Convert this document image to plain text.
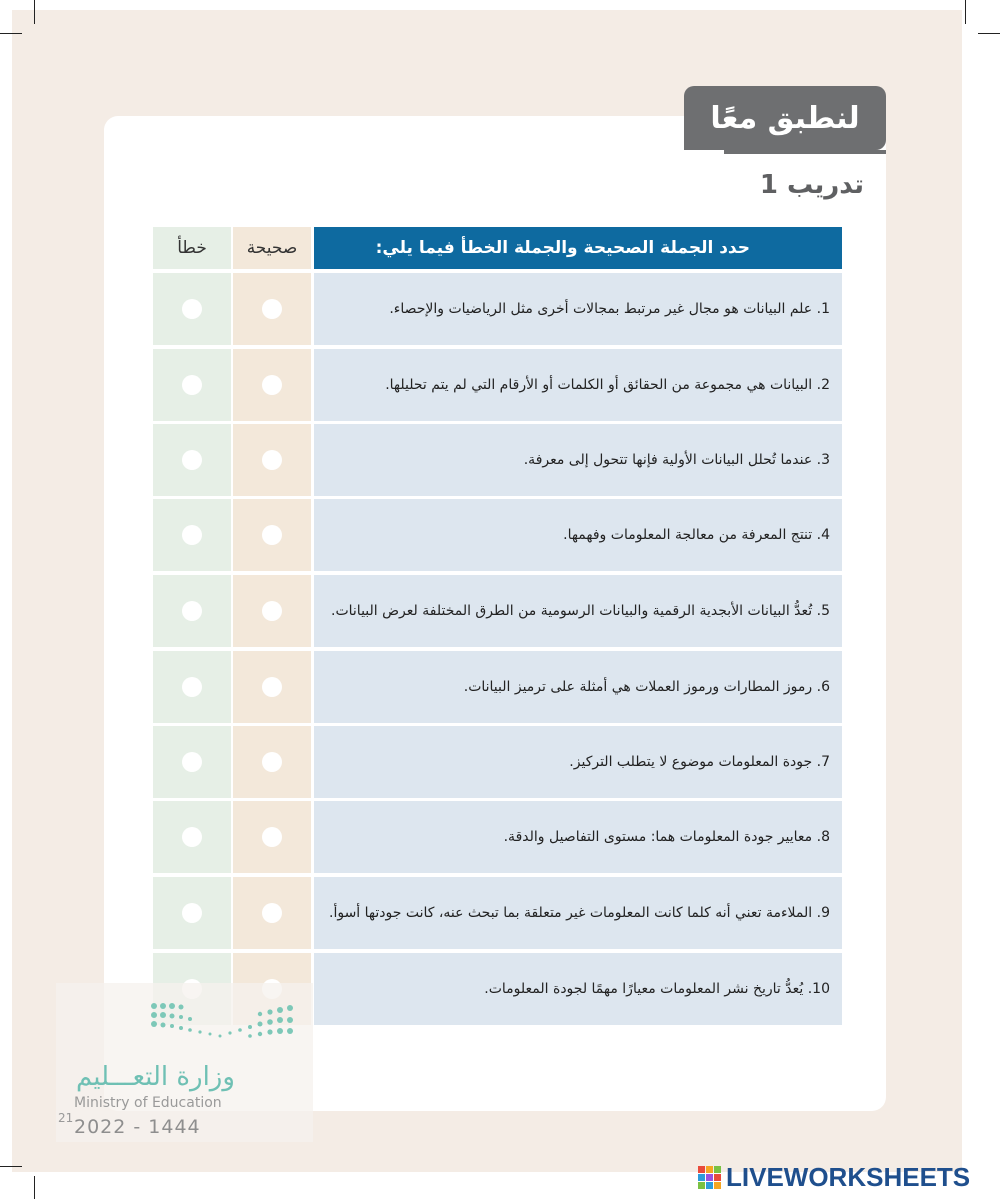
لنطبق معًا
تدريب 1
حدد الجملة الصحيحة والجملة الخطأ فيما يلي:
صحيحة
خطأ
1. علم البيانات هو مجال غير مرتبط بمجالات أخرى مثل الرياضيات والإحصاء.
2. البيانات هي مجموعة من الحقائق أو الكلمات أو الأرقام التي لم يتم تحليلها.
3. عندما تُحلل البيانات الأولية فإنها تتحول إلى معرفة.
4. تنتج المعرفة من معالجة المعلومات وفهمها.
5. تُعدُّ البيانات الأبجدية الرقمية والبيانات الرسومية من الطرق المختلفة لعرض البيانات.
6. رموز المطارات ورموز العملات هي أمثلة على ترميز البيانات.
7. جودة المعلومات موضوع لا يتطلب التركيز.
8. معايير جودة المعلومات هما: مستوى التفاصيل والدقة.
9. الملاءمة تعني أنه كلما كانت المعلومات غير متعلقة بما تبحث عنه، كانت جودتها أسوأ.
10. يُعدُّ تاريخ نشر المعلومات معيارًا مهمًا لجودة المعلومات.
وزارة التعـــليم
Ministry of Education
21 2022 - 1444
LIVEWORKSHEETS
